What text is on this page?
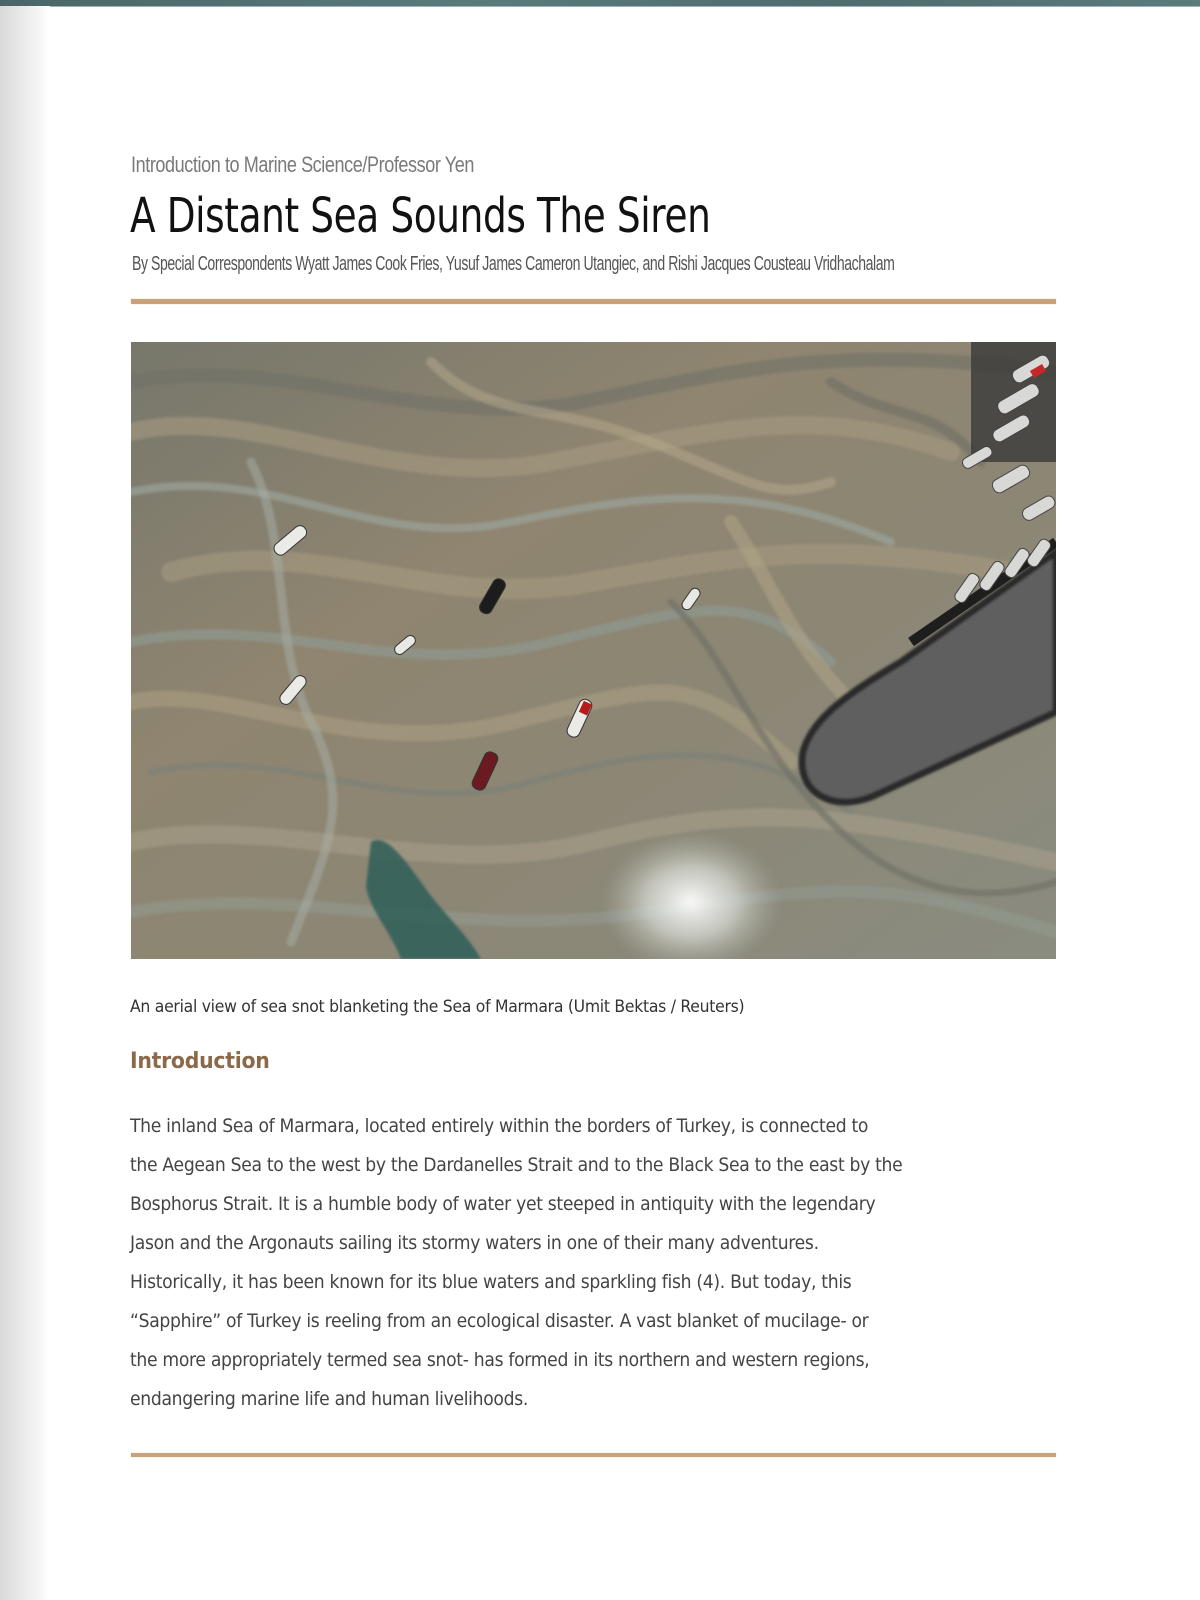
Introduction to Marine Science/Professor Yen
A Distant Sea Sounds The Siren
By Special Correspondents Wyatt James Cook Fries, Yusuf James Cameron Utangiec, and Rishi Jacques Cousteau Vridhachalam
An aerial view of sea snot blanketing the Sea of Marmara (Umit Bektas / Reuters)
Introduction
The inland Sea of Marmara, located entirely within the borders of Turkey, is connected to
the Aegean Sea to the west by the Dardanelles Strait and to the Black Sea to the east by the
Bosphorus Strait. It is a humble body of water yet steeped in antiquity with the legendary
Jason and the Argonauts sailing its stormy waters in one of their many adventures.
Historically, it has been known for its blue waters and sparkling fish (4). But today, this
“Sapphire” of Turkey is reeling from an ecological disaster. A vast blanket of mucilage- or
the more appropriately termed sea snot- has formed in its northern and western regions,
endangering marine life and human livelihoods.
